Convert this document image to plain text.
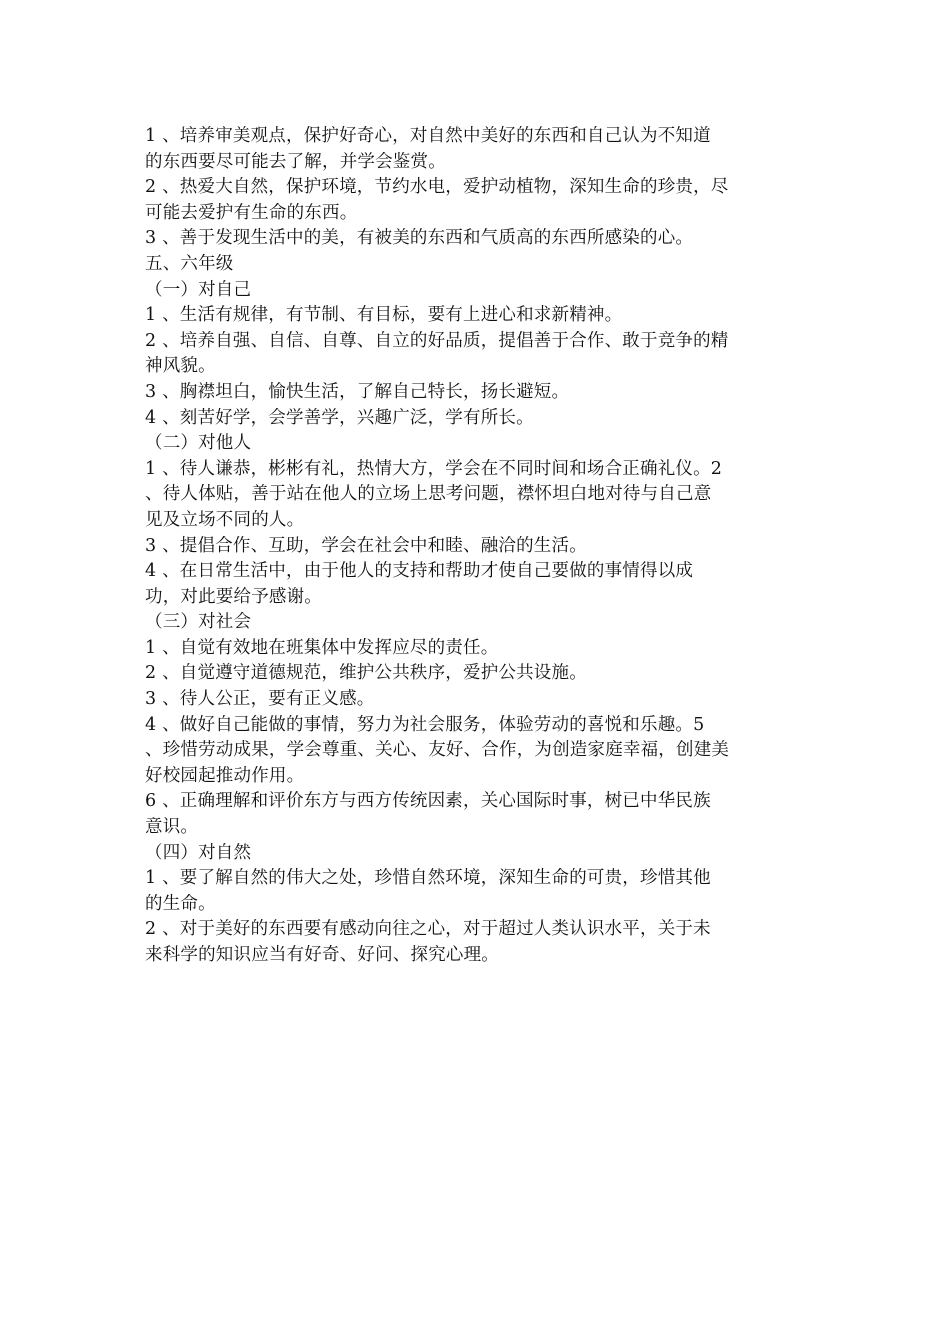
1 、培养审美观点，保护好奇心，对自然中美好的东西和自己认为不知道
的东西要尽可能去了解，并学会鉴赏。
2 、热爱大自然，保护环境，节约水电，爱护动植物，深知生命的珍贵，尽
可能去爱护有生命的东西。
3 、善于发现生活中的美，有被美的东西和气质高的东西所感染的心。
五、六年级
（一）对自己
1 、生活有规律，有节制、有目标，要有上进心和求新精神。
2 、培养自强、自信、自尊、自立的好品质，提倡善于合作、敢于竞争的精
神风貌。
3 、胸襟坦白，愉快生活，了解自己特长，扬长避短。
4 、刻苦好学，会学善学，兴趣广泛，学有所长。
（二）对他人
1 、待人谦恭，彬彬有礼，热情大方，学会在不同时间和场合正确礼仪。2
、待人体贴，善于站在他人的立场上思考问题，襟怀坦白地对待与自己意
见及立场不同的人。
3 、提倡合作、互助，学会在社会中和睦、融洽的生活。
4 、在日常生活中，由于他人的支持和帮助才使自己要做的事情得以成
功，对此要给予感谢。
（三）对社会
1 、自觉有效地在班集体中发挥应尽的责任。
2 、自觉遵守道德规范，维护公共秩序，爱护公共设施。
3 、待人公正，要有正义感。
4 、做好自己能做的事情，努力为社会服务，体验劳动的喜悦和乐趣。5
、珍惜劳动成果，学会尊重、关心、友好、合作，为创造家庭幸福，创建美
好校园起推动作用。
6 、正确理解和评价东方与西方传统因素，关心国际时事，树已中华民族
意识。
（四）对自然
1 、要了解自然的伟大之处，珍惜自然环境，深知生命的可贵，珍惜其他
的生命。
2 、对于美好的东西要有感动向往之心，对于超过人类认识水平，关于未
来科学的知识应当有好奇、好问、探究心理。
